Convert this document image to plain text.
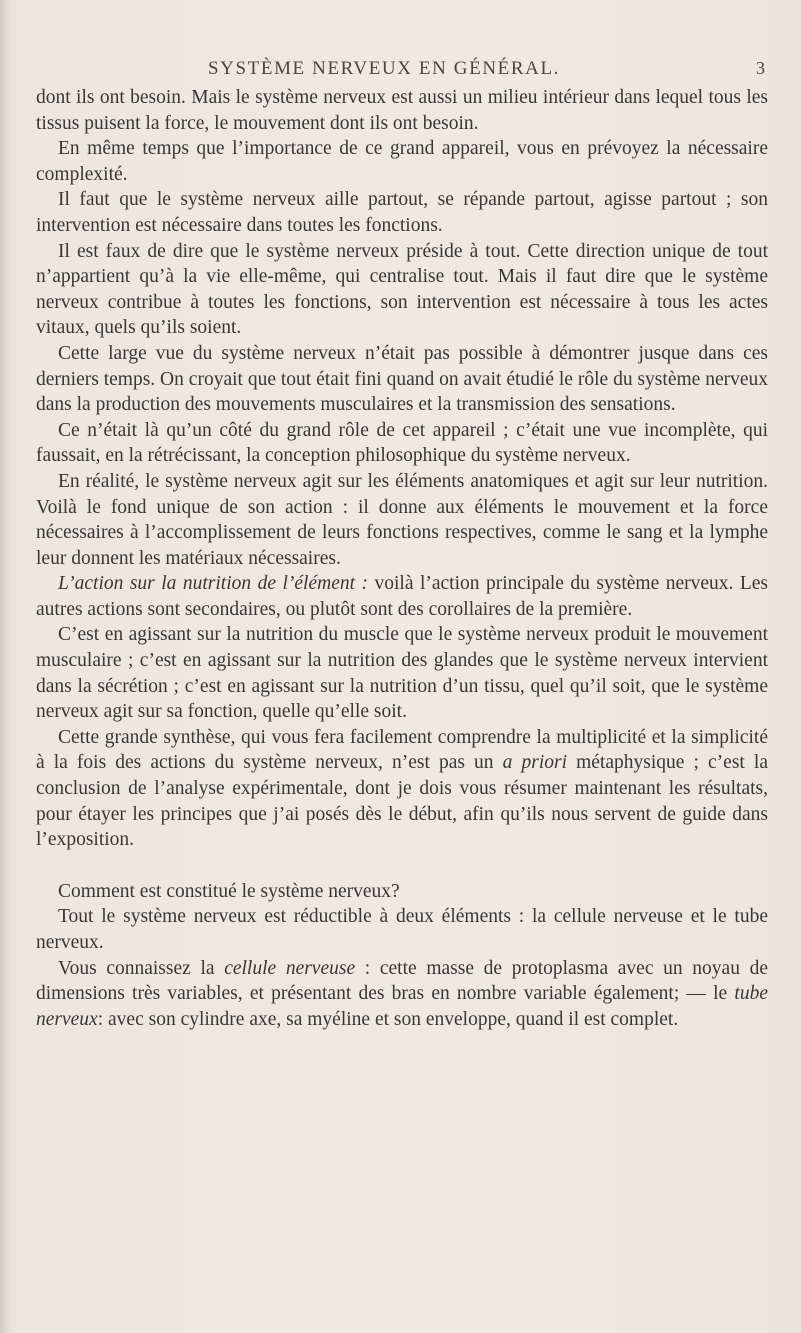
SYSTÈME NERVEUX EN GÉNÉRAL.	3

dont ils ont besoin. Mais le système nerveux est aussi un milieu intérieur dans lequel tous les tissus puisent la force, le mouvement dont ils ont besoin.

En même temps que l’importance de ce grand appareil, vous en prévoyez la nécessaire complexité.

Il faut que le système nerveux aille partout, se répande partout, agisse partout ; son intervention est nécessaire dans toutes les fonctions.

Il est faux de dire que le système nerveux préside à tout. Cette direction unique de tout n’appartient qu’à la vie elle-même, qui centralise tout. Mais il faut dire que le système nerveux contribue à toutes les fonctions, son intervention est nécessaire à tous les actes vitaux, quels qu’ils soient.

Cette large vue du système nerveux n’était pas possible à démontrer jusque dans ces derniers temps. On croyait que tout était fini quand on avait étudié le rôle du système nerveux dans la production des mouvements musculaires et la transmission des sensations.

Ce n’était là qu’un côté du grand rôle de cet appareil ; c’était une vue incomplète, qui faussait, en la rétrécissant, la conception philosophique du système nerveux.

En réalité, le système nerveux agit sur les éléments anatomiques et agit sur leur nutrition. Voilà le fond unique de son action : il donne aux éléments le mouvement et la force nécessaires à l’accomplissement de leurs fonctions respectives, comme le sang et la lymphe leur donnent les matériaux nécessaires.

L’action sur la nutrition de l’élément : voilà l’action principale du système nerveux. Les autres actions sont secondaires, ou plutôt sont des corollaires de la première.

C’est en agissant sur la nutrition du muscle que le système nerveux produit le mouvement musculaire ; c’est en agissant sur la nutrition des glandes que le système nerveux intervient dans la sécrétion ; c’est en agissant sur la nutrition d’un tissu, quel qu’il soit, que le système nerveux agit sur sa fonction, quelle qu’elle soit.

Cette grande synthèse, qui vous fera facilement comprendre la multiplicité et la simplicité à la fois des actions du système nerveux, n’est pas un a priori métaphysique ; c’est la conclusion de l’analyse expérimentale, dont je dois vous résumer maintenant les résultats, pour étayer les principes que j’ai posés dès le début, afin qu’ils nous servent de guide dans l’exposition.

Comment est constitué le système nerveux?

Tout le système nerveux est réductible à deux éléments : la cellule nerveuse et le tube nerveux.

Vous connaissez la cellule nerveuse : cette masse de protoplasma avec un noyau de dimensions très variables, et présentant des bras en nombre variable également; — le tube nerveux: avec son cylindre axe, sa myéline et son enveloppe, quand il est complet.
